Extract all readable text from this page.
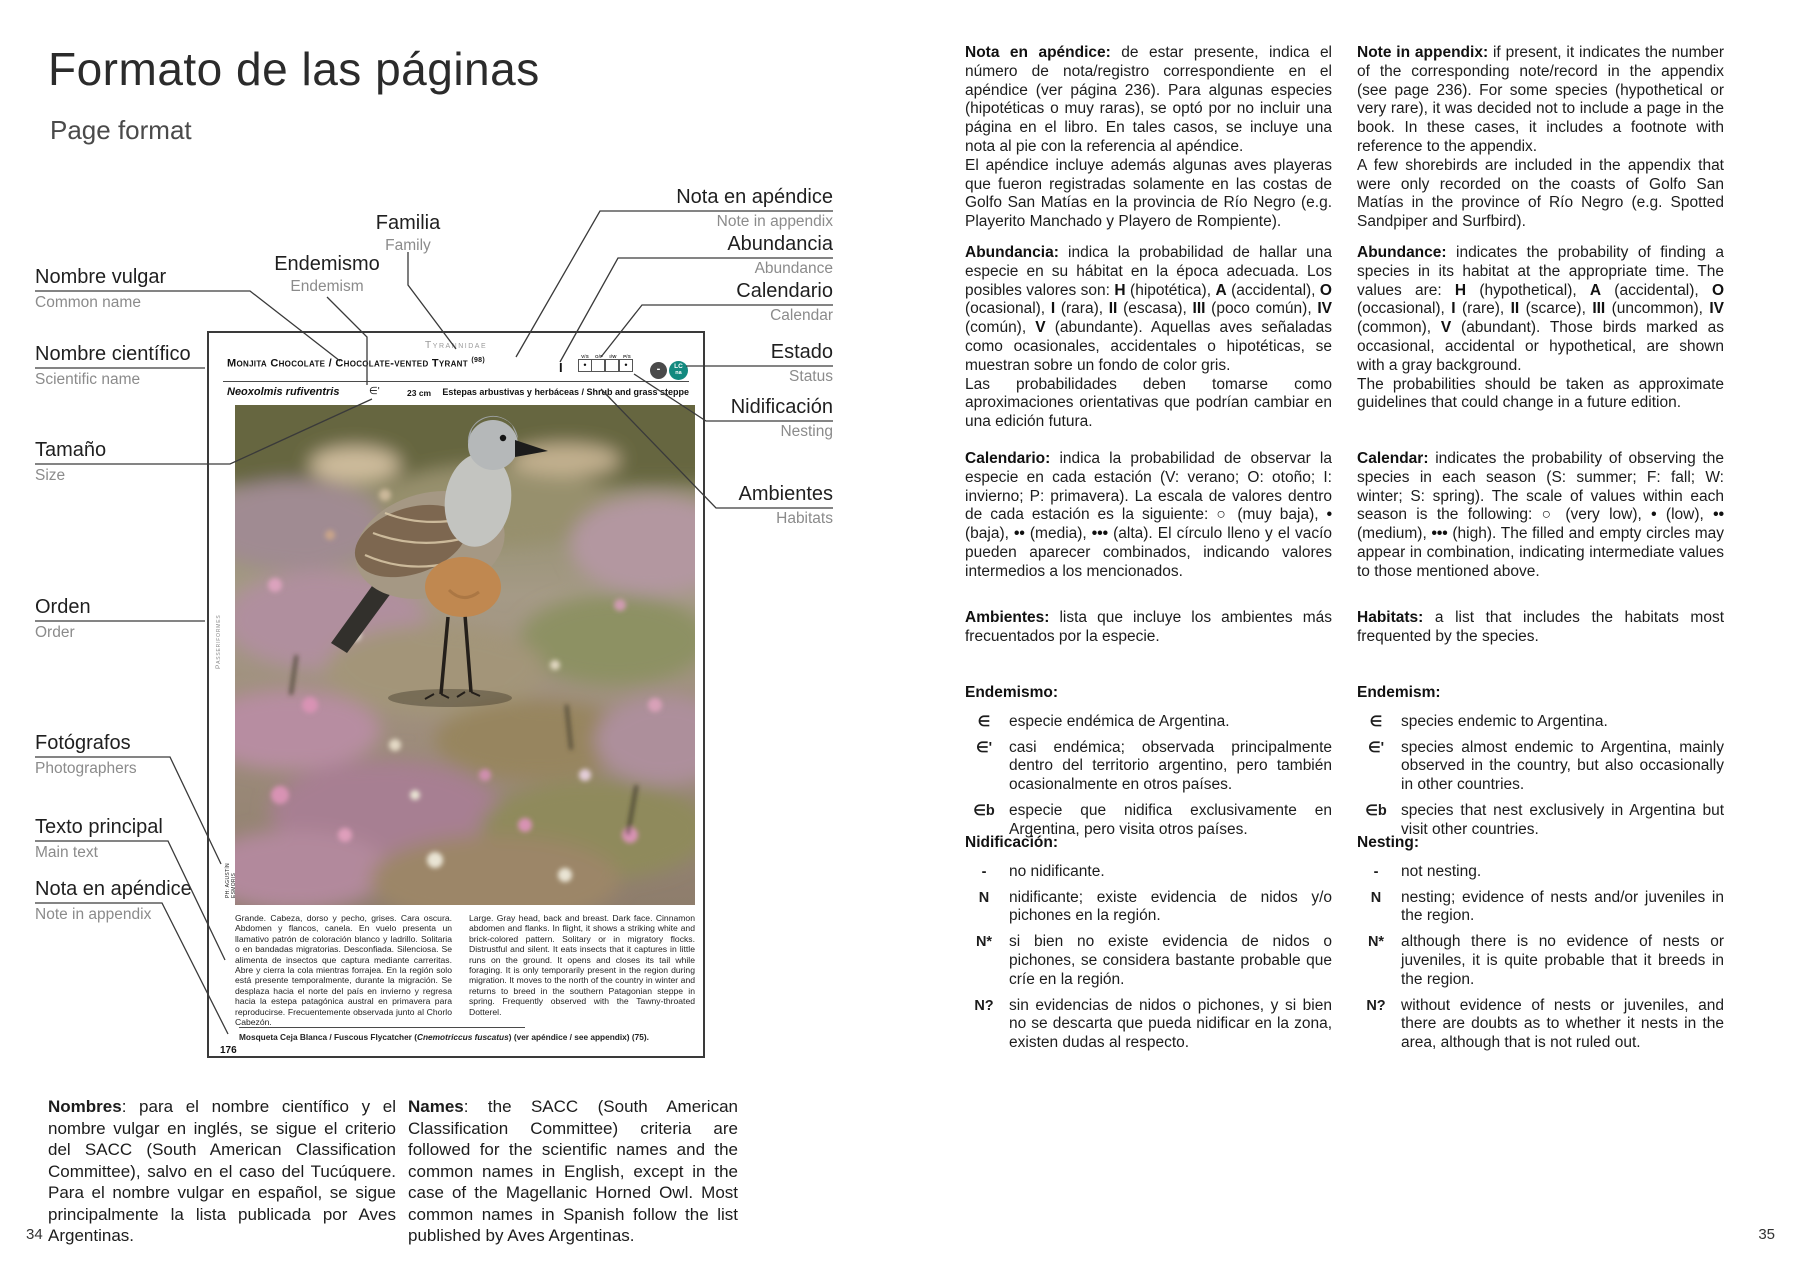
Formato de las páginas
Page format
Nombre vulgar
Common name
Nombre científico
Scientific name
Tamaño
Size
Orden
Order
Fotógrafos
Photographers
Texto principal
Main text
Nota en apéndice
Note in appendix
Familia
Family
Endemismo
Endemism
Nota en apéndice
Note in appendix
Abundancia
Abundance
Calendario
Calendar
Estado
Status
Nidificación
Nesting
Ambientes
Habitats
Tyrannidae
Monjita Chocolate / Chocolate-vented Tyrant $^{(98)}$	I
V/S
•
O/F	I/W	P/S
•	-	LC
na
Neoxolmis rufiventris	∈'	23 cm Estepas arbustivas y herbáceas / Shrub and grass steppe
Passeriformes
PH: AGUSTÍN ESMORIS
Grande. Cabeza, dorso y pecho, grises. Cara oscura. Abdomen y flancos, canela. En vuelo presenta un llamativo patrón de coloración blanco y ladrillo. Solitaria o en bandadas migratorias. Desconfiada. Silenciosa. Se alimenta de insectos que captura mediante carreritas. Abre y cierra la cola mientras forrajea. En la región solo está presente temporalmente, durante la migración. Se desplaza hacia el norte del país en invierno y regresa hacia la estepa patagónica austral en primavera para reproducirse. Frecuentemente observada junto al Chorlo Cabezón.
Large. Gray head, back and breast. Dark face. Cinnamon abdomen and flanks. In flight, it shows a striking white and brick-colored pattern. Solitary or in migratory flocks. Distrustful and silent. It eats insects that it captures in little runs on the ground. It opens and closes its tail while foraging. It is only temporarily present in the region during migration. It moves to the north of the country in winter and returns to breed in the southern Patagonian steppe in spring. Frequently observed with the Tawny-throated Dotterel.
Mosqueta Ceja Blanca / Fuscous Flycatcher (Cnemotriccus fuscatus) (ver apéndice / see appendix) (75).
176
Nombres: para el nombre científico y el nombre vulgar en inglés, se sigue el criterio del SACC (South American Classification Committee), salvo en el caso del Tucúquere. Para el nombre vulgar en español, se sigue principalmente la lista publicada por Aves Argentinas.
Names: the SACC (South American Classification Committee) criteria are followed for the scientific names and the common names in English, except in the case of the Magellanic Horned Owl. Most common names in Spanish follow the list published by Aves Argentinas.
34
Nota en apéndice: de estar presente, indica el número de nota/registro correspondiente en el apéndice (ver página 236). Para algunas especies (hipotéticas o muy raras), se optó por no incluir una página en el libro. En tales casos, se incluye una nota al pie con la referencia al apéndice.
El apéndice incluye además algunas aves playeras que fueron registradas solamente en las costas de Golfo San Matías en la provincia de Río Negro (e.g. Playerito Manchado y Playero de Rompiente).
Abundancia: indica la probabilidad de hallar una especie en su hábitat en la época adecuada. Los posibles valores son: H (hipotética), A (accidental), O (ocasional), I (rara), II (escasa), III (poco común), IV (común), V (abundante). Aquellas aves señaladas como ocasionales, accidentales o hipotéticas, se muestran sobre un fondo de color gris.
Las probabilidades deben tomarse como aproximaciones orientativas que podrían cambiar en una edición futura.
Calendario: indica la probabilidad de observar la especie en cada estación (V: verano; O: otoño; I: invierno; P: primavera). La escala de valores dentro de cada estación es la siguiente: ○ (muy baja), • (baja), •• (media), ••• (alta). El círculo lleno y el vacío pueden aparecer combinados, indicando valores intermedios a los mencionados.
Ambientes: lista que incluye los ambientes más frecuentados por la especie.
Endemismo:
∈	especie endémica de Argentina.
∈'	casi endémica; observada principalmente dentro del territorio argentino, pero también ocasionalmente en otros países.
∈b especie que nidifica exclusivamente en Argentina, pero visita otros países.
Nidificación:
-	no nidificante.
N	nidificante; existe evidencia de nidos y/o pichones en la región.
N*	si bien no existe evidencia de nidos o pichones, se considera bastante probable que críe en la región.
N? sin evidencias de nidos o pichones, y si bien no se descarta que pueda nidificar en la zona, existen dudas al respecto.
Note in appendix: if present, it indicates the number of the corresponding note/record in the appendix (see page 236). For some species (hypothetical or very rare), it was decided not to include a page in the book. In these cases, it includes a footnote with reference to the appendix.
A few shorebirds are included in the appendix that were only recorded on the coasts of Golfo San Matías in the province of Río Negro (e.g. Spotted Sandpiper and Surfbird).
Abundance: indicates the probability of finding a species in its habitat at the appropriate time. The values are: H (hypothetical), A (accidental), O (occasional), I (rare), II (scarce), III (uncommon), IV (common), V (abundant). Those birds marked as occasional, accidental or hypothetical, are shown with a gray background.
The probabilities should be taken as approximate guidelines that could change in a future edition.
Calendar: indicates the probability of observing the species in each season (S: summer; F: fall; W: winter; S: spring). The scale of values within each season is the following: ○ (very low), • (low), •• (medium), ••• (high). The filled and empty circles may appear in combination, indicating intermediate values to those mentioned above.
Habitats: a list that includes the habitats most frequented by the species.
Endemism:
∈	species endemic to Argentina.
∈'	species almost endemic to Argentina, mainly observed in the country, but also occasionally in other countries.
∈b species that nest exclusively in Argentina but visit other countries.
Nesting:
-	not nesting.
N	nesting; evidence of nests and/or juveniles in the region.
N*	although there is no evidence of nests or juveniles, it is quite probable that it breeds in the region.
N? without evidence of nests or juveniles, and there are doubts as to whether it nests in the area, although that is not ruled out.
35
